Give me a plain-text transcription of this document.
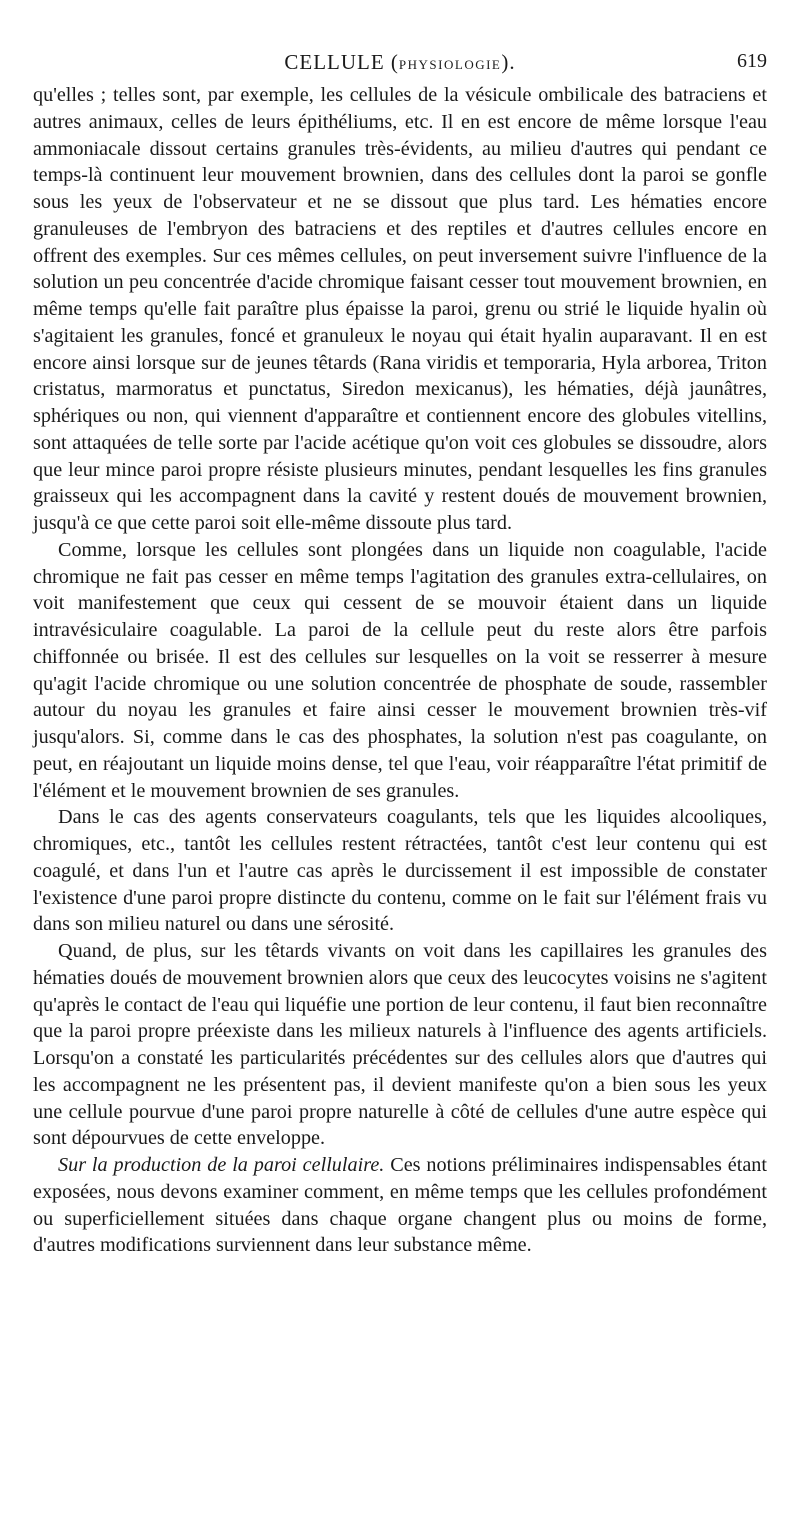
CELLULE (PHYSIOLOGIE).	619

qu'elles ; telles sont, par exemple, les cellules de la vésicule ombilicale des batraciens et autres animaux, celles de leurs épithéliums, etc. Il en est encore de même lorsque l'eau ammoniacale dissout certains granules très-évidents, au milieu d'autres qui pendant ce temps-là continuent leur mouvement brownien, dans des cellules dont la paroi se gonfle sous les yeux de l'observateur et ne se dissout que plus tard. Les hématies encore granuleuses de l'embryon des batraciens et des reptiles et d'autres cellules encore en offrent des exemples. Sur ces mêmes cellules, on peut inversement suivre l'influence de la solution un peu concentrée d'acide chromique faisant cesser tout mouvement brownien, en même temps qu'elle fait paraître plus épaisse la paroi, grenu ou strié le liquide hyalin où s'agitaient les granules, foncé et granuleux le noyau qui était hyalin auparavant. Il en est encore ainsi lorsque sur de jeunes têtards (Rana viridis et temporaria, Hyla arborea, Triton cristatus, marmoratus et punctatus, Siredon mexicanus), les hématies, déjà jaunâtres, sphériques ou non, qui viennent d'apparaître et contiennent encore des globules vitellins, sont attaquées de telle sorte par l'acide acétique qu'on voit ces globules se dissoudre, alors que leur mince paroi propre résiste plusieurs minutes, pendant lesquelles les fins granules graisseux qui les accompagnent dans la cavité y restent doués de mouvement brownien, jusqu'à ce que cette paroi soit elle-même dissoute plus tard.

Comme, lorsque les cellules sont plongées dans un liquide non coagulable, l'acide chromique ne fait pas cesser en même temps l'agitation des granules extra-cellulaires, on voit manifestement que ceux qui cessent de se mouvoir étaient dans un liquide intravésiculaire coagulable. La paroi de la cellule peut du reste alors être parfois chiffonnée ou brisée. Il est des cellules sur lesquelles on la voit se resserrer à mesure qu'agit l'acide chromique ou une solution concentrée de phosphate de soude, rassembler autour du noyau les granules et faire ainsi cesser le mouvement brownien très-vif jusqu'alors. Si, comme dans le cas des phosphates, la solution n'est pas coagulante, on peut, en réajoutant un liquide moins dense, tel que l'eau, voir réapparaître l'état primitif de l'élément et le mouvement brownien de ses granules.

Dans le cas des agents conservateurs coagulants, tels que les liquides alcooliques, chromiques, etc., tantôt les cellules restent rétractées, tantôt c'est leur contenu qui est coagulé, et dans l'un et l'autre cas après le durcissement il est impossible de constater l'existence d'une paroi propre distincte du contenu, comme on le fait sur l'élément frais vu dans son milieu naturel ou dans une sérosité.

Quand, de plus, sur les têtards vivants on voit dans les capillaires les granules des hématies doués de mouvement brownien alors que ceux des leucocytes voisins ne s'agitent qu'après le contact de l'eau qui liquéfie une portion de leur contenu, il faut bien reconnaître que la paroi propre préexiste dans les milieux naturels à l'influence des agents artificiels. Lorsqu'on a constaté les particularités précédentes sur des cellules alors que d'autres qui les accompagnent ne les présentent pas, il devient manifeste qu'on a bien sous les yeux une cellule pourvue d'une paroi propre naturelle à côté de cellules d'une autre espèce qui sont dépourvues de cette enveloppe.

Sur la production de la paroi cellulaire. Ces notions préliminaires indispensables étant exposées, nous devons examiner comment, en même temps que les cellules profondément ou superficiellement situées dans chaque organe changent plus ou moins de forme, d'autres modifications surviennent dans leur substance même.
